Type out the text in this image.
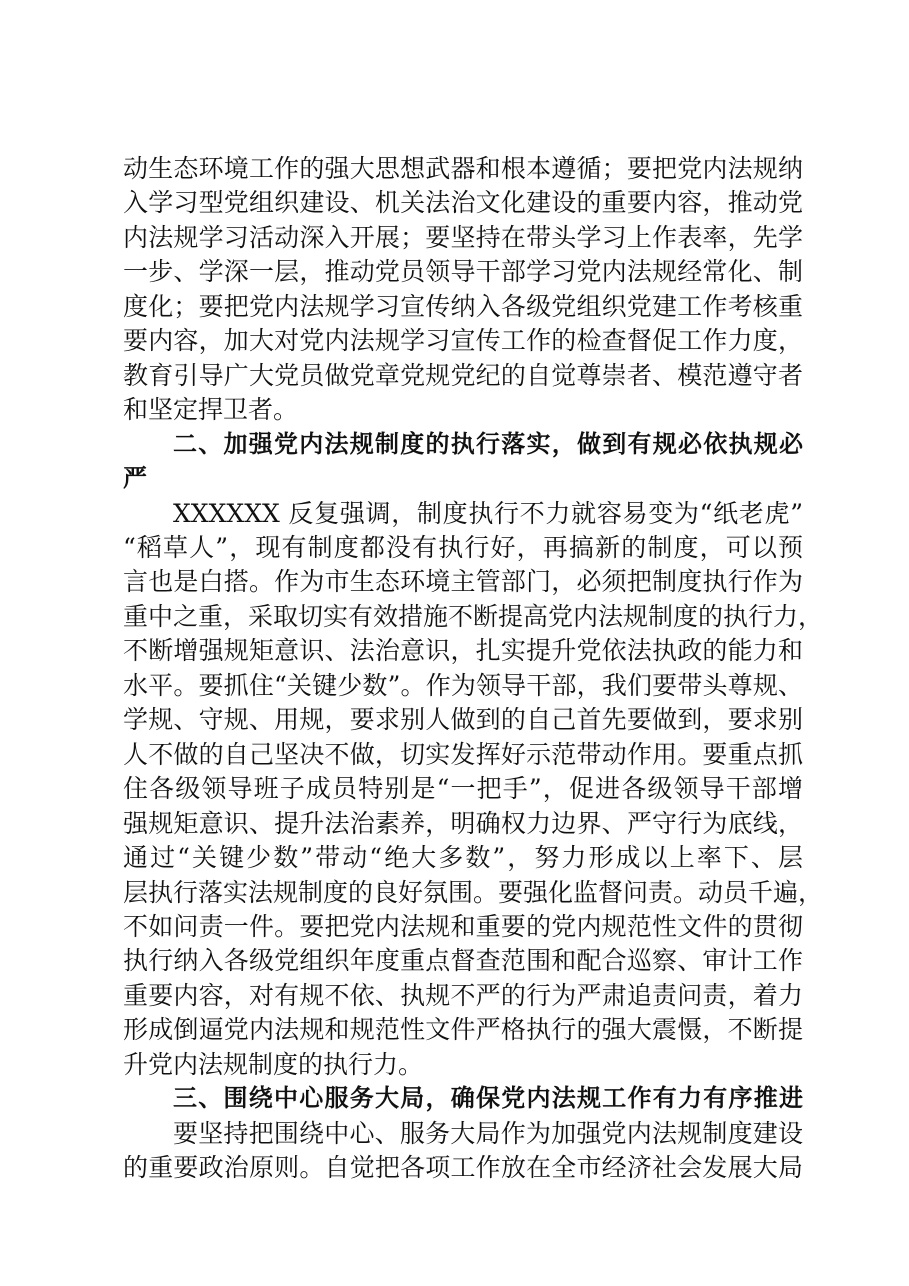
动生态环境工作的强大思想武器和根本遵循；要把党内法规纳

入学习型党组织建设、机关法治文化建设的重要内容，推动党

内法规学习活动深入开展；要坚持在带头学习上作表率，先学

一步、学深一层，推动党员领导干部学习党内法规经常化、制

度化；要把党内法规学习宣传纳入各级党组织党建工作考核重

要内容，加大对党内法规学习宣传工作的检查督促工作力度，

教育引导广大党员做党章党规党纪的自觉尊崇者、模范遵守者

和坚定捍卫者。

二、加强党内法规制度的执行落实，做到有规必依执规必

严

XXXXXX 反复强调，制度执行不力就容易变为“纸老虎”

“稻草人”，现有制度都没有执行好，再搞新的制度，可以预

言也是白搭。作为市生态环境主管部门，必须把制度执行作为

重中之重，采取切实有效措施不断提高党内法规制度的执行力，

不断增强规矩意识、法治意识，扎实提升党依法执政的能力和

水平。要抓住“关键少数”。作为领导干部，我们要带头尊规、

学规、守规、用规，要求别人做到的自己首先要做到，要求别

人不做的自己坚决不做，切实发挥好示范带动作用。要重点抓

住各级领导班子成员特别是“一把手”，促进各级领导干部增

强规矩意识、提升法治素养，明确权力边界、严守行为底线，

通过“关键少数”带动“绝大多数”，努力形成以上率下、层

层执行落实法规制度的良好氛围。要强化监督问责。动员千遍，

不如问责一件。要把党内法规和重要的党内规范性文件的贯彻

执行纳入各级党组织年度重点督查范围和配合巡察、审计工作

重要内容，对有规不依、执规不严的行为严肃追责问责，着力

形成倒逼党内法规和规范性文件严格执行的强大震慑，不断提

升党内法规制度的执行力。

三、围绕中心服务大局，确保党内法规工作有力有序推进

要坚持把围绕中心、服务大局作为加强党内法规制度建设

的重要政治原则。自觉把各项工作放在全市经济社会发展大局
